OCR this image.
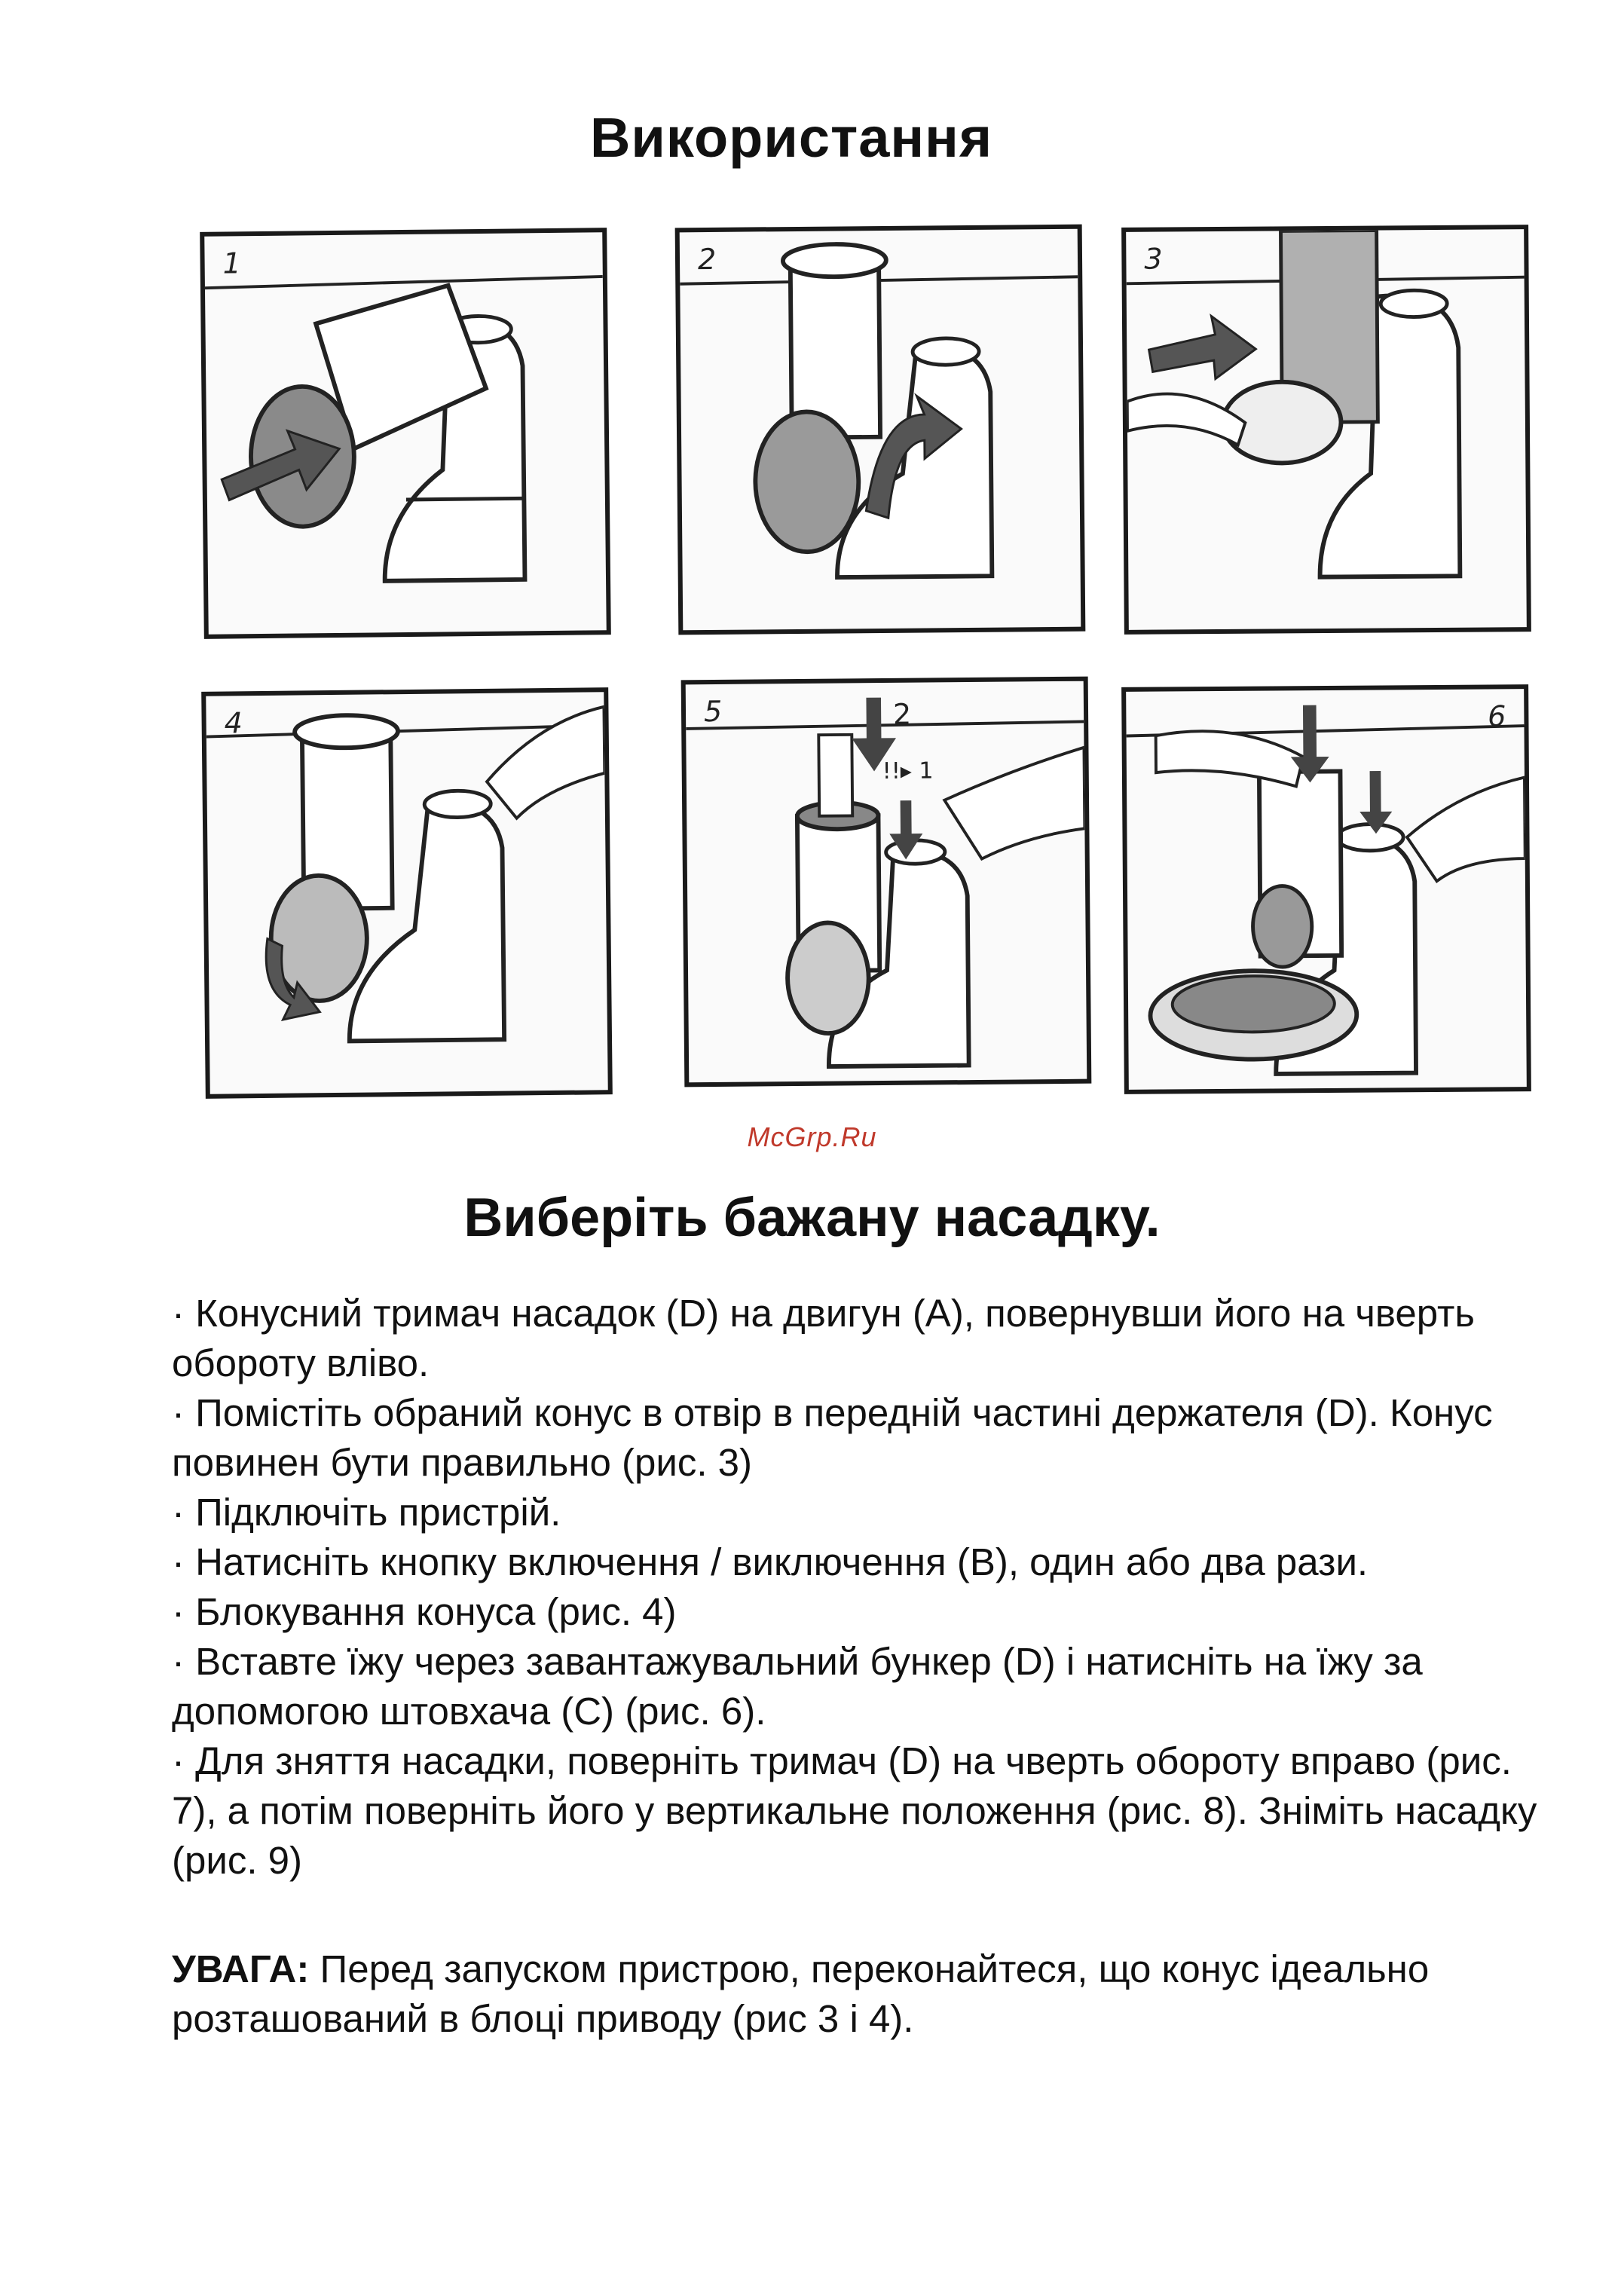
Використання
1	2	3
4	5	2
!!▸ 1
6
McGrp.Ru
Виберіть бажану насадку.
· Конусний тримач насадок (D) на двигун (A), повернувши його на чверть обороту вліво.
· Помістіть обраний конус в отвір в передній частині держателя (D). Конус повинен бути правильно (рис. 3)
· Підключіть пристрій.
· Натисніть кнопку включення / виключення (B), один або два рази.
· Блокування конуса (рис. 4)
· Вставте їжу через завантажувальний бункер (D) і натисніть на їжу за допомогою штовхача (C) (рис. 6).
· Для зняття насадки, поверніть тримач (D) на чверть обороту вправо (рис. 7), а потім поверніть його у вертикальне положення (рис. 8). Зніміть насадку (рис. 9)

УВАГА: Перед запуском пристрою, переконайтеся, що конус ідеально розташований в блоці приводу (рис 3 і 4).
